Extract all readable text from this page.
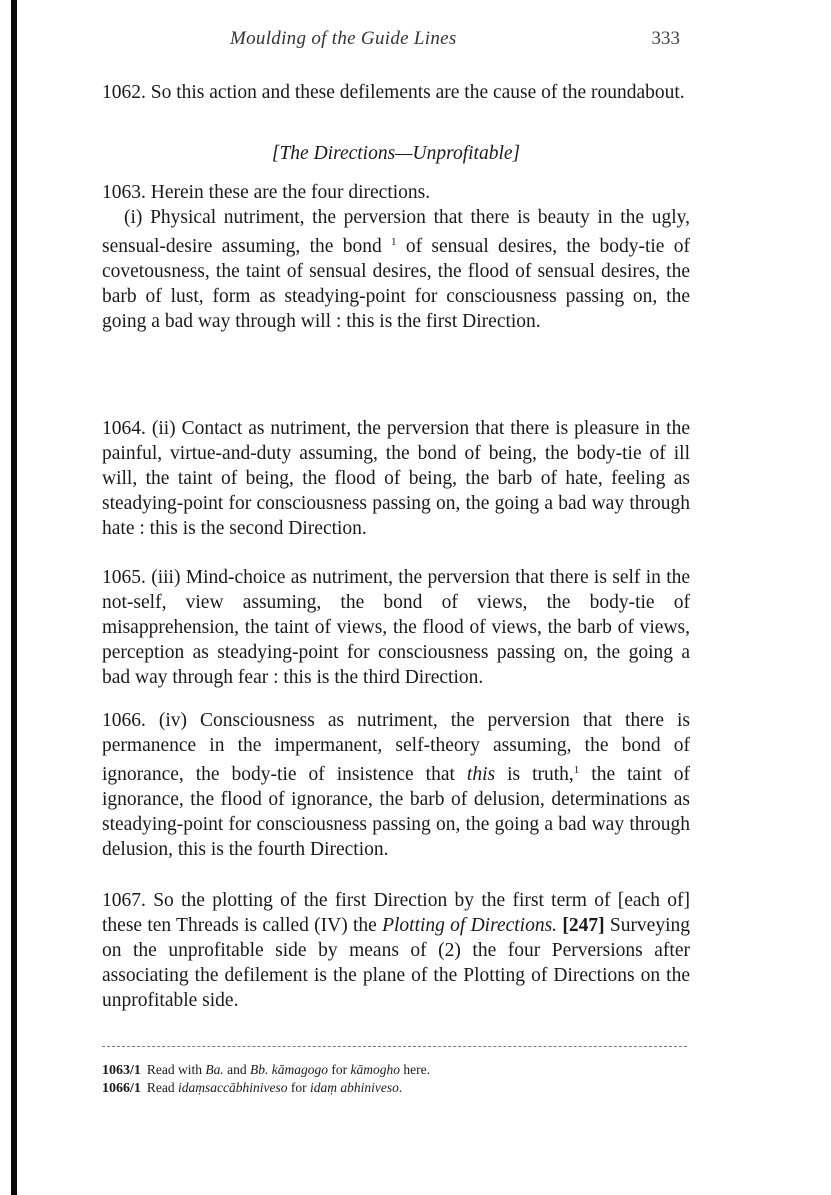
Moulding of the Guide Lines	333

1062. So this action and these defilements are the cause of the roundabout.

[The Directions—Unprofitable]

1063. Herein these are the four directions.

(i) Physical nutriment, the perversion that there is beauty in the ugly, sensual-desire assuming, the bond $^1$ of sensual desires, the body-tie of covetousness, the taint of sensual desires, the flood of sensual desires, the barb of lust, form as steadying-point for consciousness passing on, the going a bad way through will : this is the first Direction.

1064. (ii) Contact as nutriment, the perversion that there is pleasure in the painful, virtue-and-duty assuming, the bond of being, the body-tie of ill will, the taint of being, the flood of being, the barb of hate, feeling as steadying-point for consciousness passing on, the going a bad way through hate : this is the second Direction.

1065. (iii) Mind-choice as nutriment, the perversion that there is self in the not-self, view assuming, the bond of views, the body-tie of misapprehension, the taint of views, the flood of views, the barb of views, perception as steadying-point for consciousness passing on, the going a bad way through fear : this is the third Direction.

1066. (iv) Consciousness as nutriment, the perversion that there is permanence in the impermanent, self-theory assuming, the bond of ignorance, the body-tie of insistence that this is truth,$^1$ the taint of ignorance, the flood of ignorance, the barb of delusion, determinations as steadying-point for consciousness passing on, the going a bad way through delusion, this is the fourth Direction.

1067. So the plotting of the first Direction by the first term of [each of] these ten Threads is called (IV) the Plotting of Directions. [247] Surveying on the unprofitable side by means of (2) the four Perversions after associating the defilement is the plane of the Plotting of Directions on the unprofitable side.

1063/1 Read with Ba. and Bb. kāmagogo for kāmogho here.
1066/1 Read idaṃsaccābhiniveso for idaṃ abhiniveso.
